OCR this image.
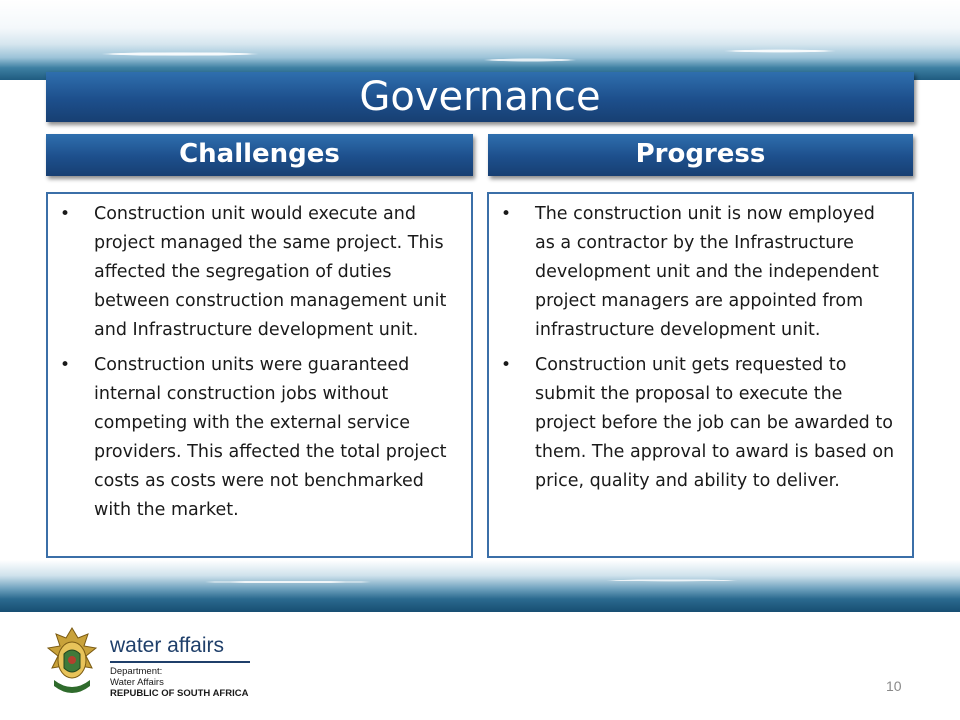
Governance
Challenges	Progress
• Construction unit would execute and project managed the same project. This affected the segregation of duties between construction management unit and Infrastructure development unit.
• Construction units were guaranteed internal construction jobs without competing with the external service providers. This affected the total project costs as costs were not benchmarked with the market.
• The construction unit is now employed as a contractor by the Infrastructure development unit and the independent project managers are appointed from infrastructure development unit.
• Construction unit gets requested to submit the proposal to execute the project before the job can be awarded to them. The approval to award is based on price, quality and ability to deliver.
water affairs
Department:
Water Affairs
REPUBLIC OF SOUTH AFRICA	10
